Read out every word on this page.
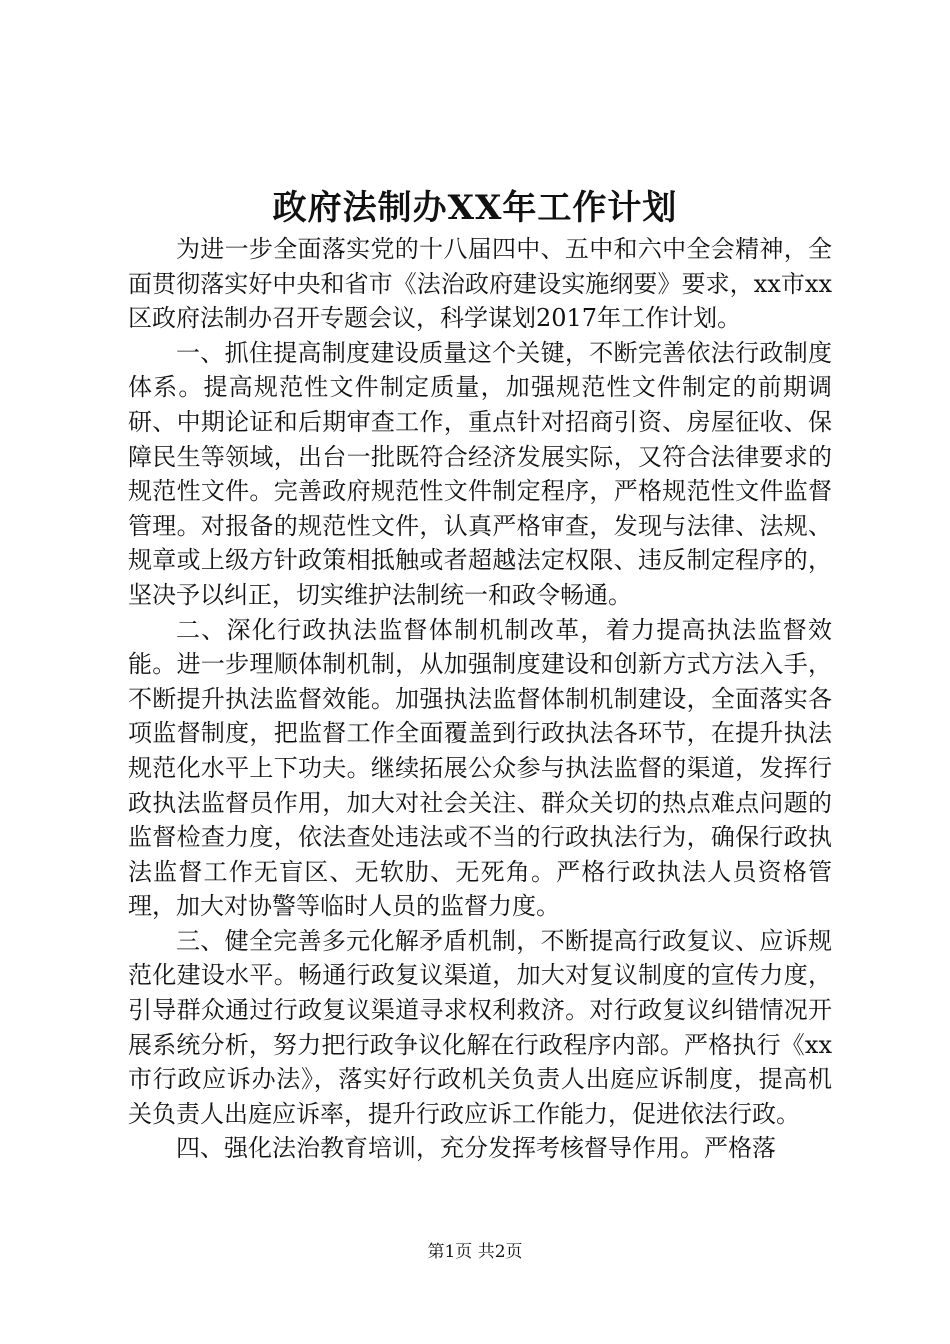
政府法制办XX年工作计划

为进一步全面落实党的十八届四中、五中和六中全会精神，全面贯彻落实好中央和省市《法治政府建设实施纲要》要求，xx市xx区政府法制办召开专题会议，科学谋划2017年工作计划。

一、抓住提高制度建设质量这个关键，不断完善依法行政制度体系。提高规范性文件制定质量，加强规范性文件制定的前期调研、中期论证和后期审查工作，重点针对招商引资、房屋征收、保障民生等领域，出台一批既符合经济发展实际，又符合法律要求的规范性文件。完善政府规范性文件制定程序，严格规范性文件监督管理。对报备的规范性文件，认真严格审查，发现与法律、法规、规章或上级方针政策相抵触或者超越法定权限、违反制定程序的，坚决予以纠正，切实维护法制统一和政令畅通。

二、深化行政执法监督体制机制改革，着力提高执法监督效能。进一步理顺体制机制，从加强制度建设和创新方式方法入手，不断提升执法监督效能。加强执法监督体制机制建设，全面落实各项监督制度，把监督工作全面覆盖到行政执法各环节，在提升执法规范化水平上下功夫。继续拓展公众参与执法监督的渠道，发挥行政执法监督员作用，加大对社会关注、群众关切的热点难点问题的监督检查力度，依法查处违法或不当的行政执法行为，确保行政执法监督工作无盲区、无软肋、无死角。严格行政执法人员资格管理，加大对协警等临时人员的监督力度。

三、健全完善多元化解矛盾机制，不断提高行政复议、应诉规范化建设水平。畅通行政复议渠道，加大对复议制度的宣传力度，引导群众通过行政复议渠道寻求权利救济。对行政复议纠错情况开展系统分析，努力把行政争议化解在行政程序内部。严格执行《xx市行政应诉办法》，落实好行政机关负责人出庭应诉制度，提高机关负责人出庭应诉率，提升行政应诉工作能力，促进依法行政。

四、强化法治教育培训，充分发挥考核督导作用。严格落

第1页 共2页
